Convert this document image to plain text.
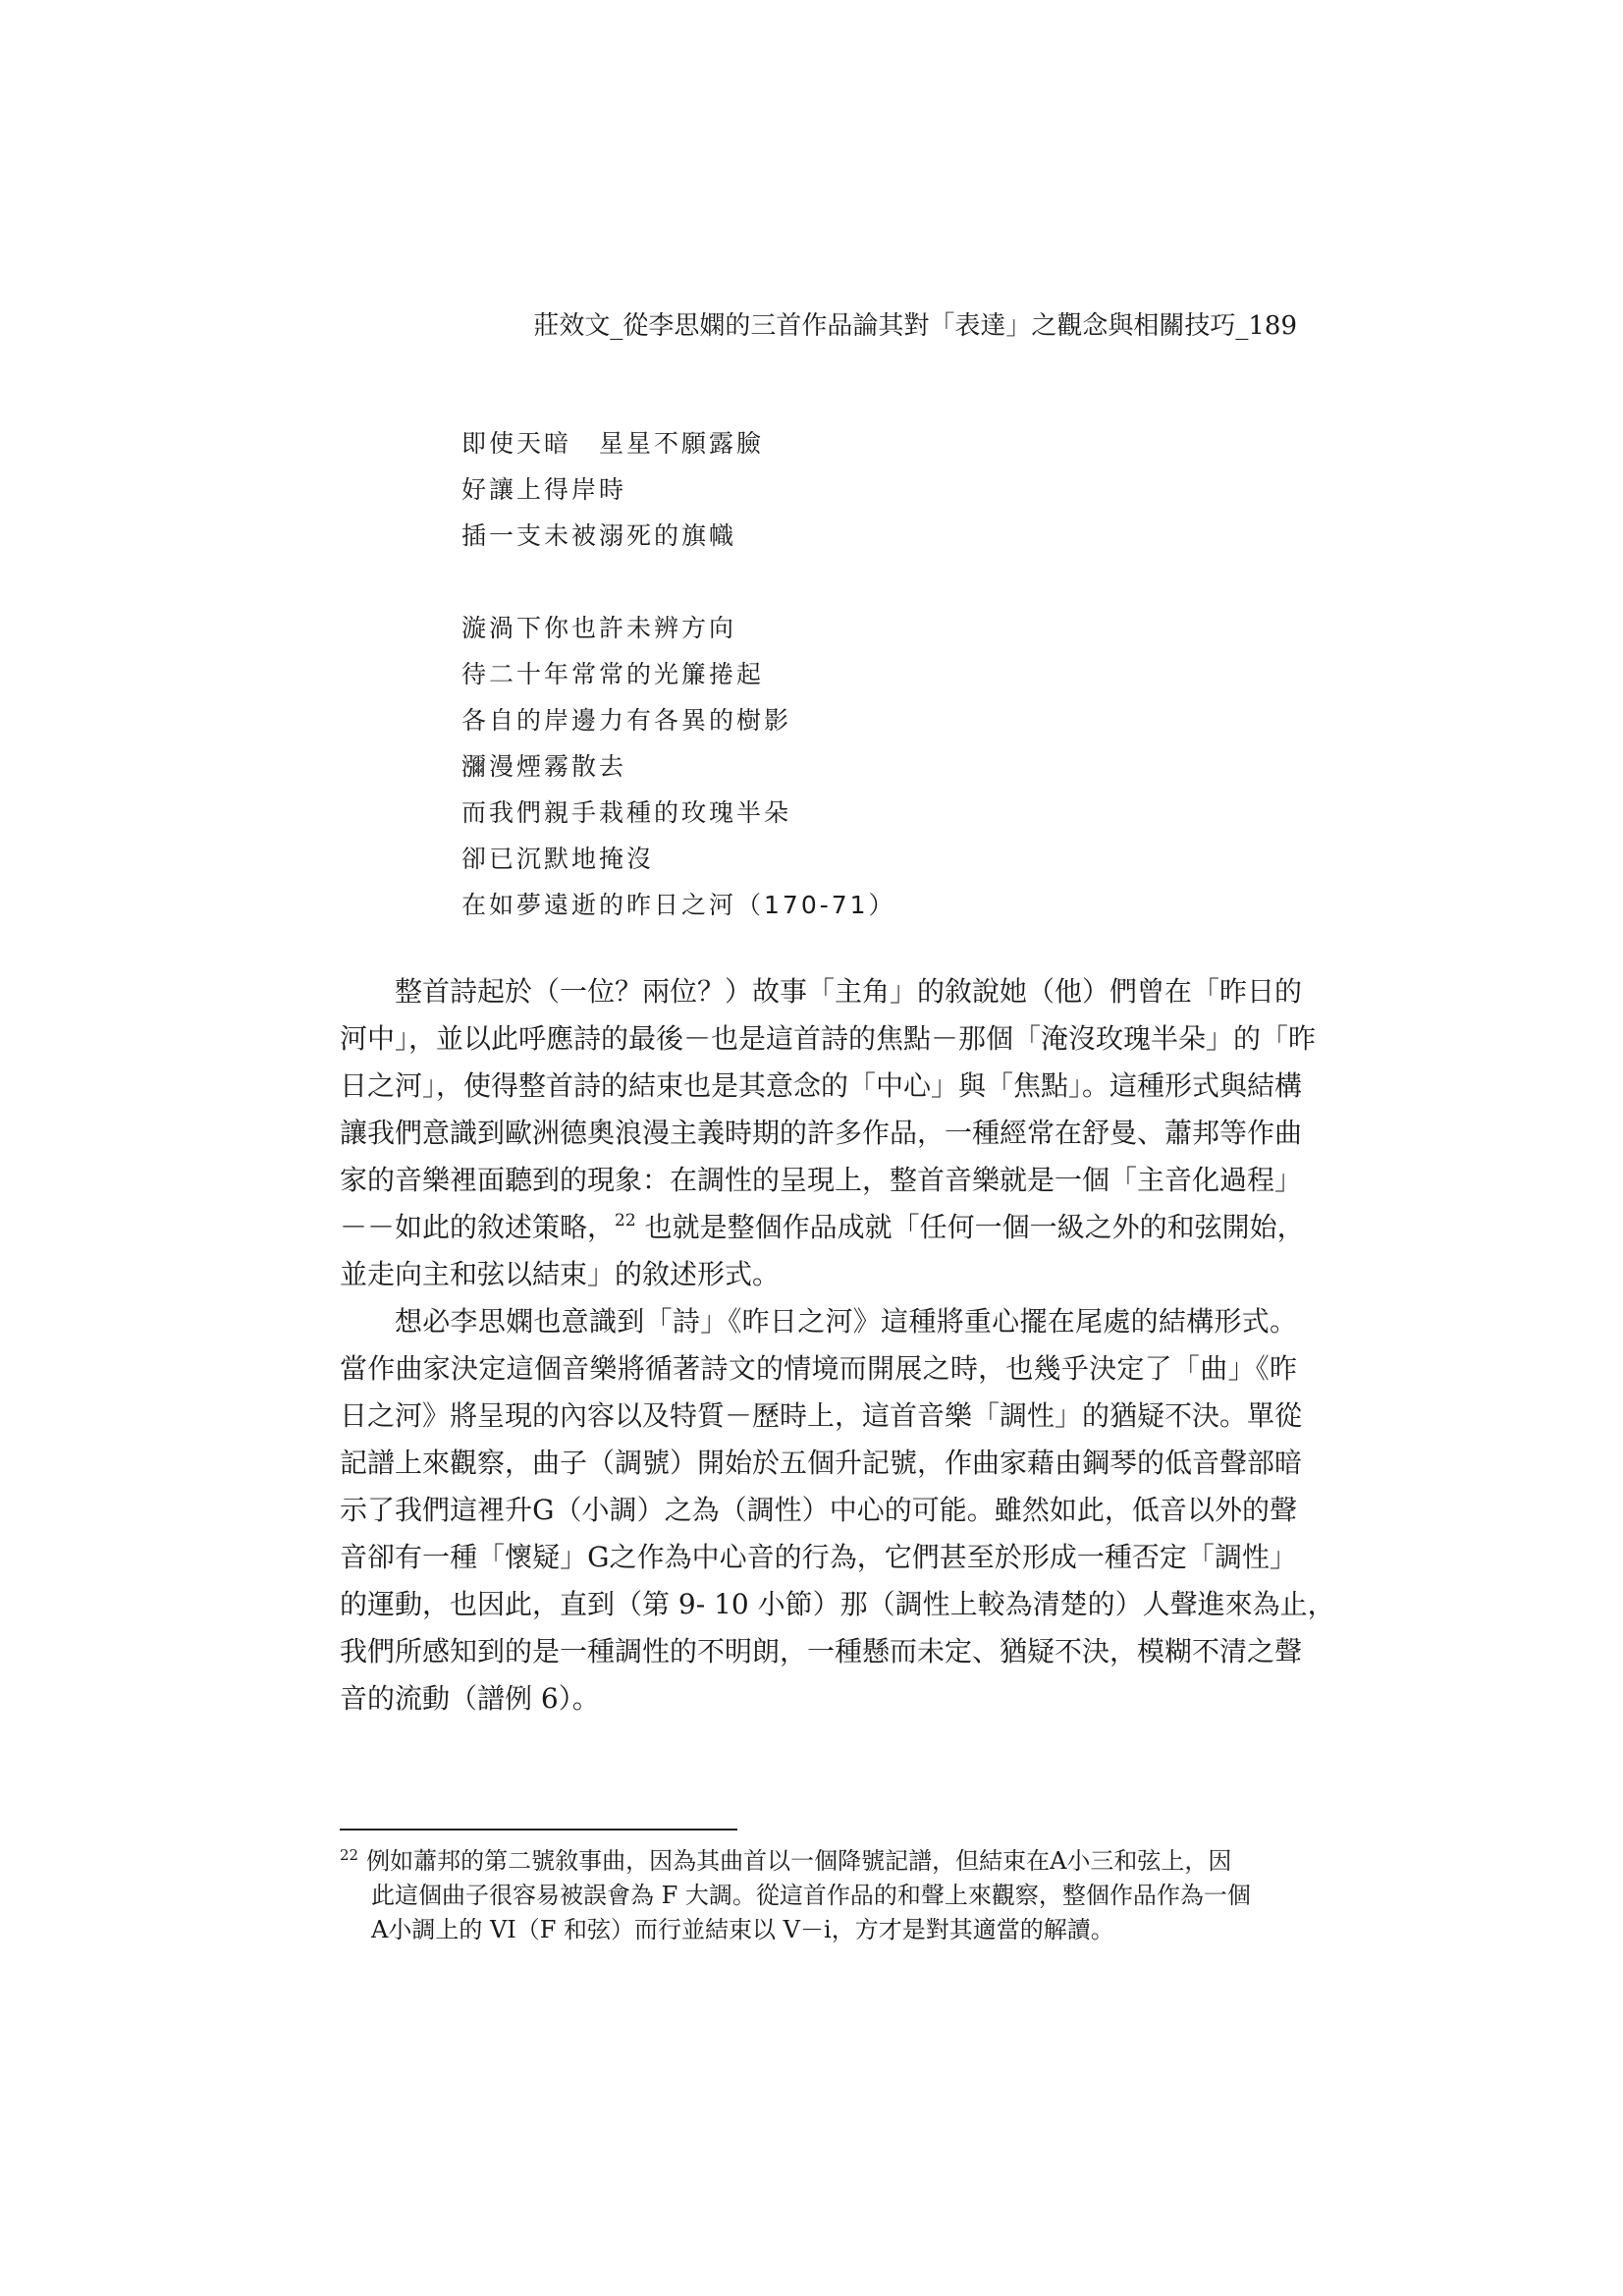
莊效文_從李思嫻的三首作品論其對「表達」之觀念與相關技巧_189
即使天暗　星星不願露臉
好讓上得岸時
插一支未被溺死的旗幟
漩渦下你也許未辨方向
待二十年常常的光簾捲起
各自的岸邊力有各異的樹影
瀰漫煙霧散去
而我們親手栽種的玫瑰半朵
卻已沉默地掩沒
在如夢遠逝的昨日之河（170-71）
整首詩起於（一位？兩位？）故事「主角」的敘說她（他）們曾在「昨日的
河中」，並以此呼應詩的最後－也是這首詩的焦點－那個「淹沒玫瑰半朵」的「昨
日之河」，使得整首詩的結束也是其意念的「中心」與「焦點」。這種形式與結構
讓我們意識到歐洲德奧浪漫主義時期的許多作品，一種經常在舒曼、蕭邦等作曲
家的音樂裡面聽到的現象：在調性的呈現上，整首音樂就是一個「主音化過程」
－－如此的敘述策略，$^{22}$ 也就是整個作品成就「任何一個一級之外的和弦開始，
並走向主和弦以結束」的敘述形式。
想必李思嫻也意識到「詩」《昨日之河》這種將重心擺在尾處的結構形式。
當作曲家決定這個音樂將循著詩文的情境而開展之時，也幾乎決定了「曲」《昨
日之河》將呈現的內容以及特質－歷時上，這首音樂「調性」的猶疑不決。單從
記譜上來觀察，曲子（調號）開始於五個升記號，作曲家藉由鋼琴的低音聲部暗
示了我們這裡升G（小調）之為（調性）中心的可能。雖然如此，低音以外的聲
音卻有一種「懷疑」G之作為中心音的行為，它們甚至於形成一種否定「調性」
的運動，也因此，直到（第 9- 10 小節）那（調性上較為清楚的）人聲進來為止，
我們所感知到的是一種調性的不明朗，一種懸而未定、猶疑不決，模糊不清之聲
音的流動（譜例 6）。
$^{22}$ 例如蕭邦的第二號敘事曲，因為其曲首以一個降號記譜，但結束在A小三和弦上，因
此這個曲子很容易被誤會為 F 大調。從這首作品的和聲上來觀察，整個作品作為一個
A小調上的 VI（F 和弦）而行並結束以 V－i，方才是對其適當的解讀。
